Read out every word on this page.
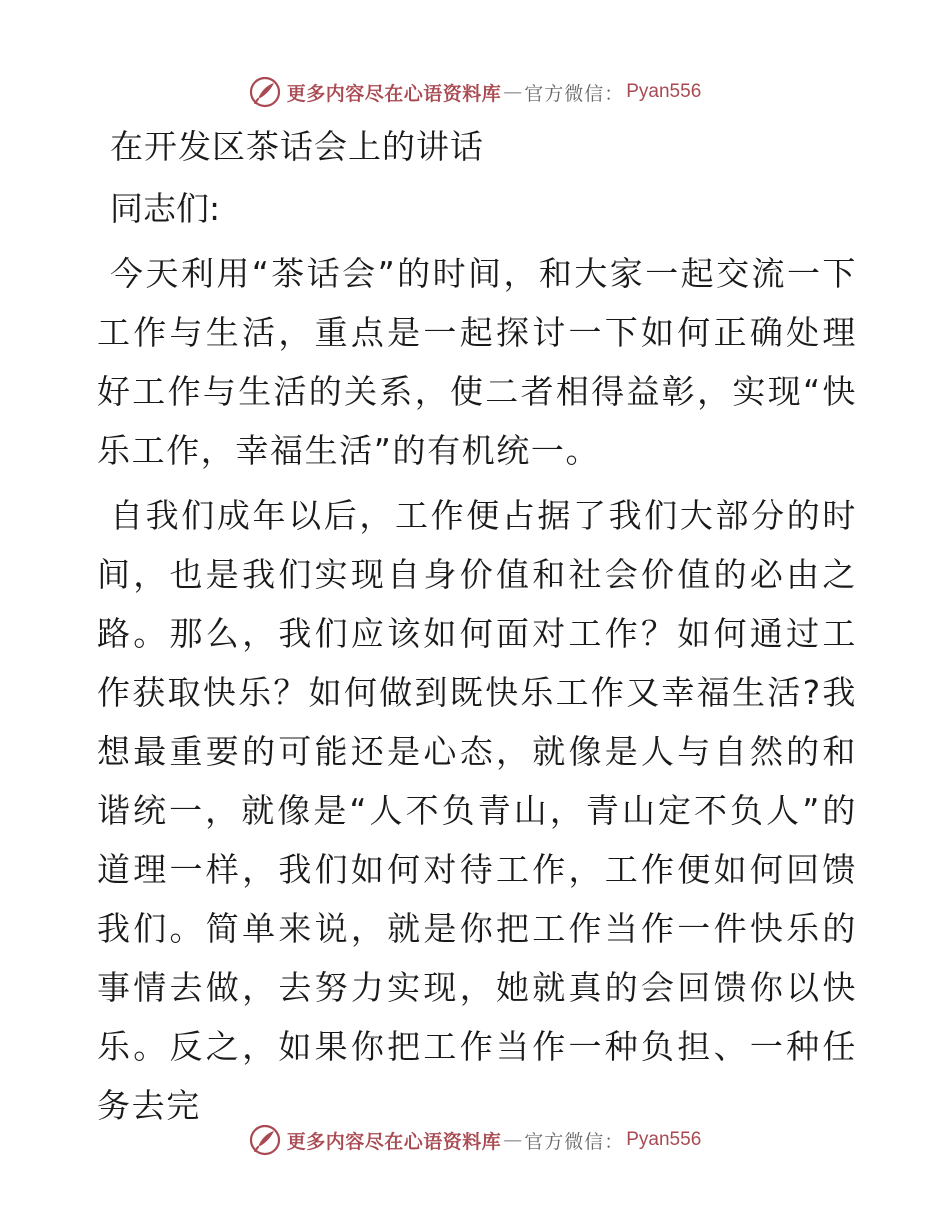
更多内容尽在心语资料库 — 官方微信： Pyan556
在开发区茶话会上的讲话
同志们:

今天利用“茶话会”的时间，和大家一起交流一下工作与生活，重点是一起探讨一下如何正确处理好工作与生活的关系，使二者相得益彰，实现“快乐工作，幸福生活”的有机统一。

自我们成年以后，工作便占据了我们大部分的时间，也是我们实现自身价值和社会价值的必由之路。那么，我们应该如何面对工作？如何通过工作获取快乐？如何做到既快乐工作又幸福生活?我想最重要的可能还是心态，就像是人与自然的和谐统一，就像是“人不负青山，青山定不负人”的道理一样，我们如何对待工作，工作便如何回馈我们。简单来说，就是你把工作当作一件快乐的事情去做，去努力实现，她就真的会回馈你以快乐。反之，如果你把工作当作一种负担、一种任务去完

更多内容尽在心语资料库 — 官方微信： Pyan556
